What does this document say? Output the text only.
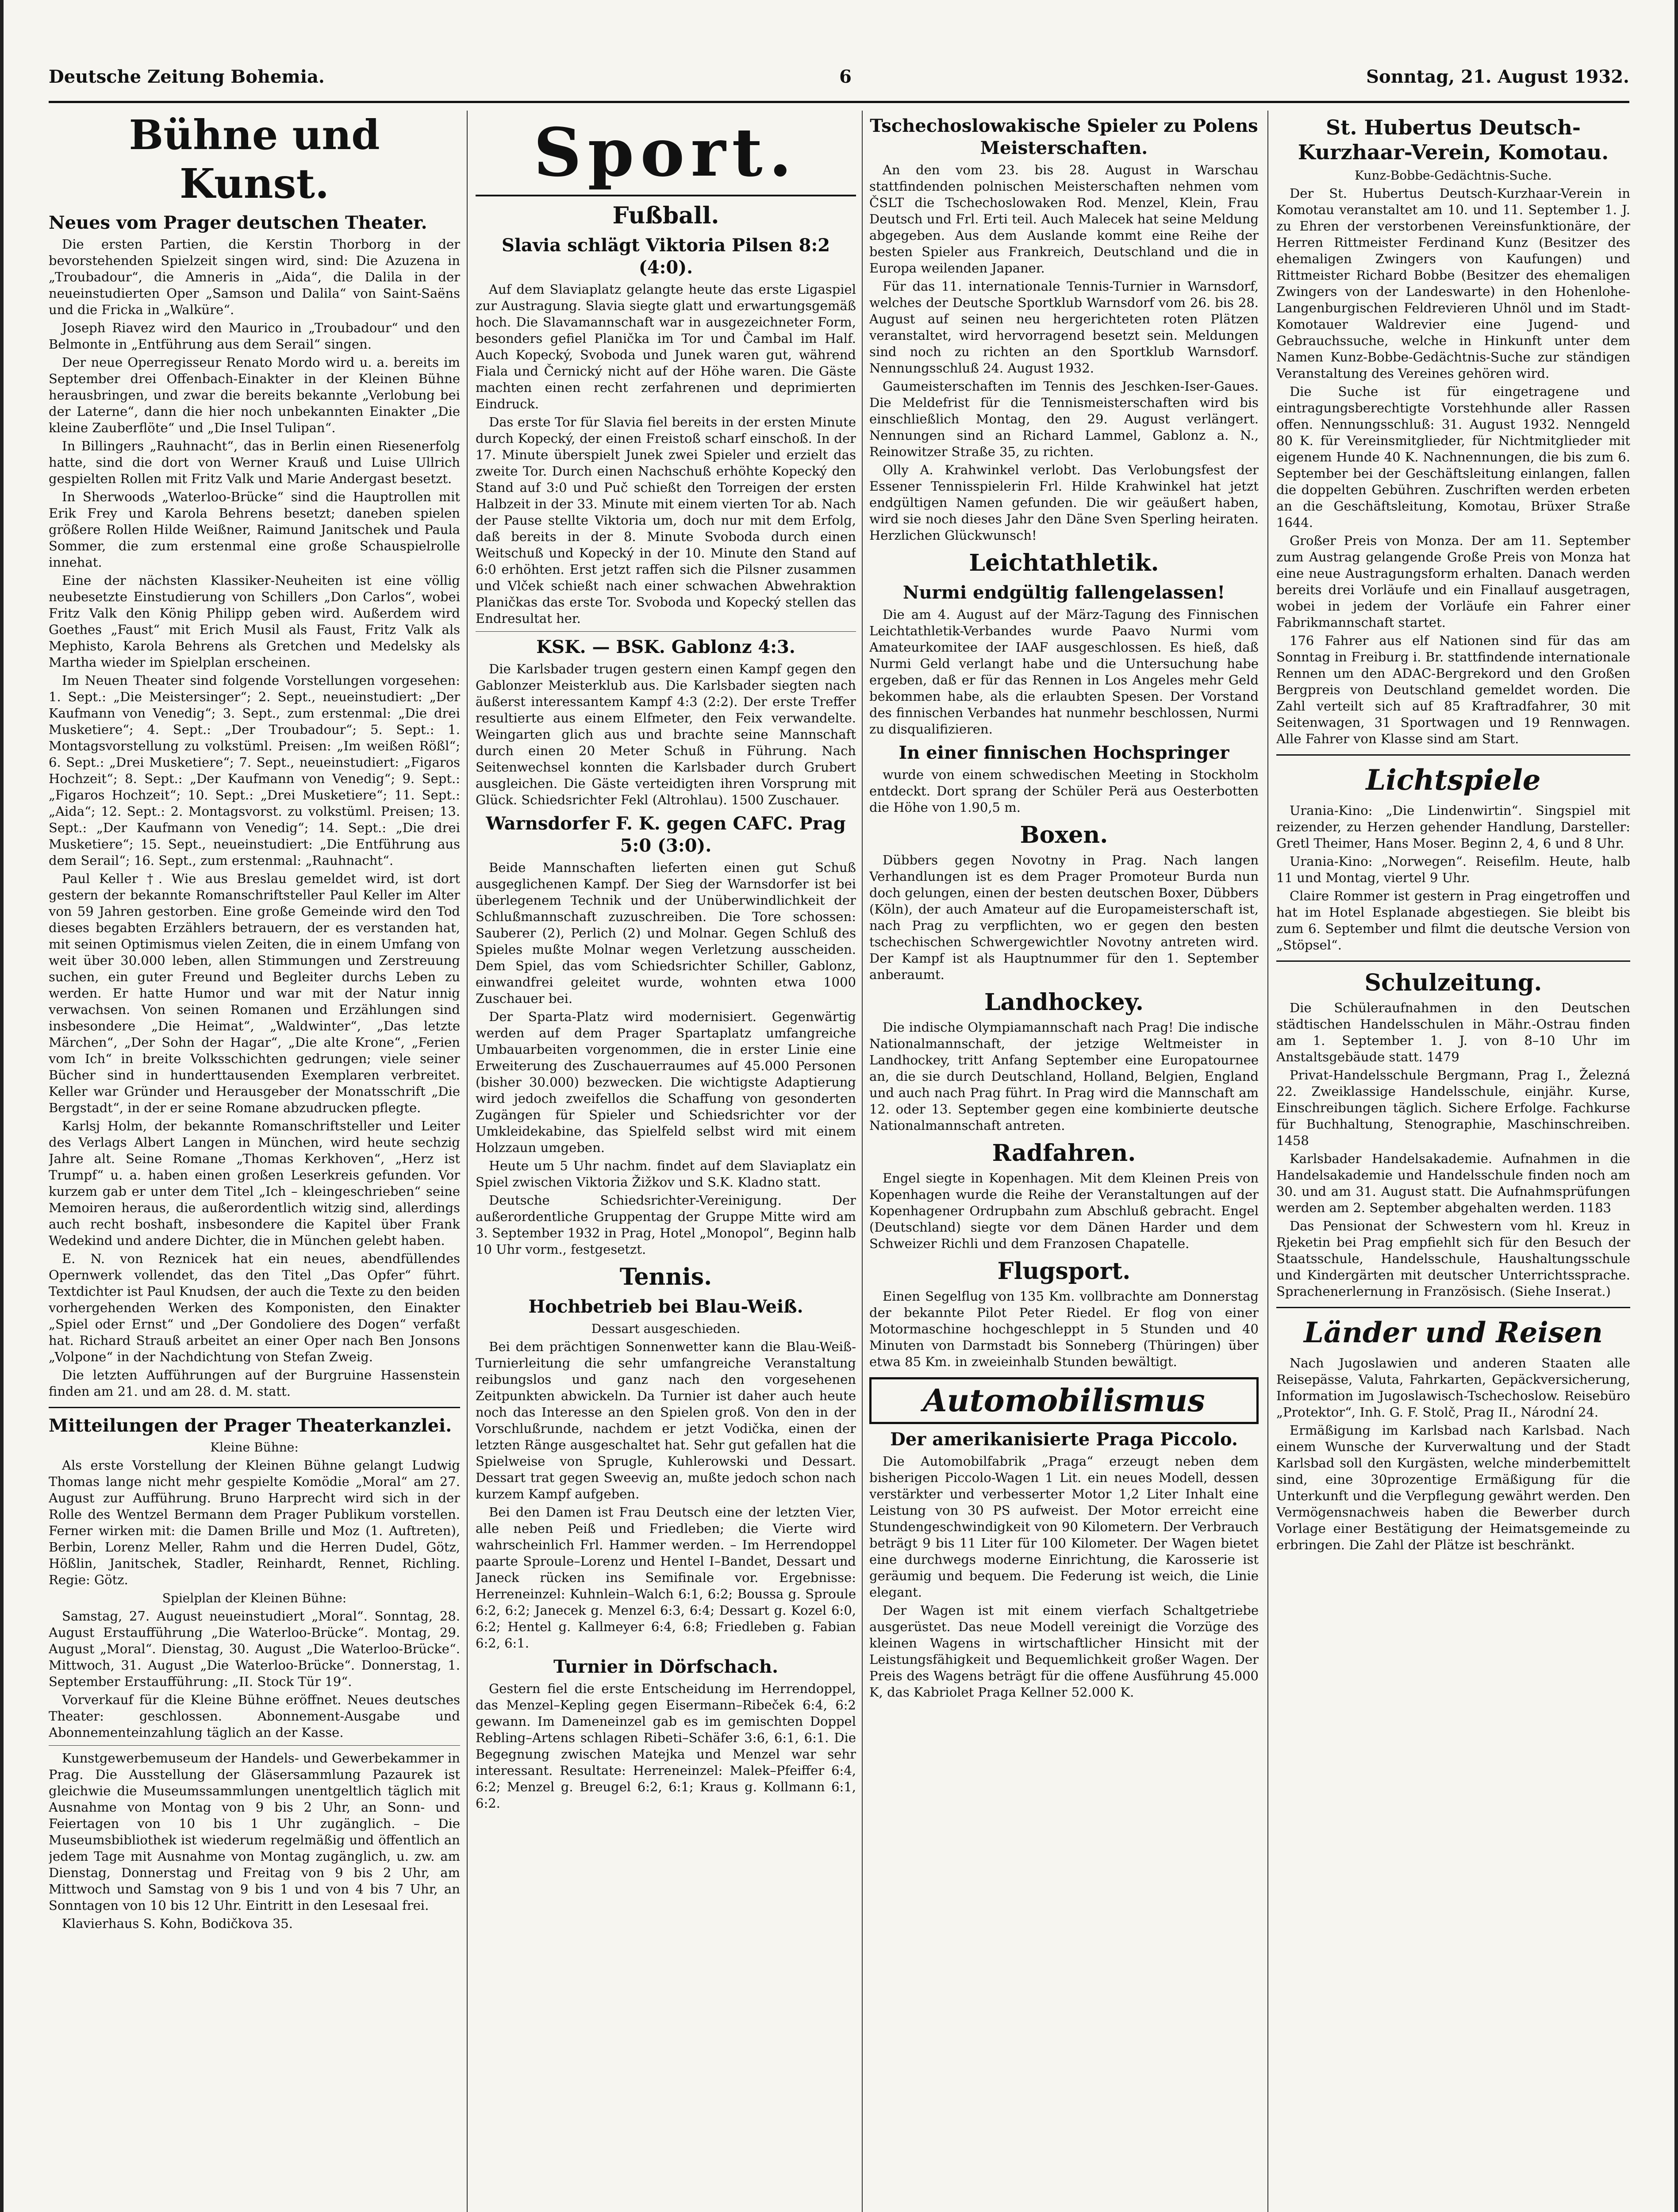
Deutsche Zeitung Bohemia.	6	Sonntag, 21. August 1932.
Bühne und Kunst.
Neues vom Prager deutschen Theater.

Die ersten Partien, die Kerstin Thorborg in der bevorstehenden Spielzeit singen wird, sind: Die Azuzena in „Troubadour“, die Amneris in „Aida“, die Dalila in der neueinstudierten Oper „Samson und Dalila“ von Saint-Saëns und die Fricka in „Walküre“.

Joseph Riavez wird den Maurico in „Troubadour“ und den Belmonte in „Entführung aus dem Serail“ singen.

Der neue Operregisseur Renato Mordo wird u. a. bereits im September drei Offenbach-Einakter in der Kleinen Bühne herausbringen, und zwar die bereits bekannte „Verlobung bei der Laterne“, dann die hier noch unbekannten Einakter „Die kleine Zauberflöte“ und „Die Insel Tulipan“.

In Billingers „Rauhnacht“, das in Berlin einen Riesenerfolg hatte, sind die dort von Werner Krauß und Luise Ullrich gespielten Rollen mit Fritz Valk und Marie Andergast besetzt.

In Sherwoods „Waterloo-Brücke“ sind die Hauptrollen mit Erik Frey und Karola Behrens besetzt; daneben spielen größere Rollen Hilde Weißner, Raimund Janitschek und Paula Sommer, die zum erstenmal eine große Schauspielrolle innehat.

Eine der nächsten Klassiker-Neuheiten ist eine völlig neubesetzte Einstudierung von Schillers „Don Carlos“, wobei Fritz Valk den König Philipp geben wird. Außerdem wird Goethes „Faust“ mit Erich Musil als Faust, Fritz Valk als Mephisto, Karola Behrens als Gretchen und Medelsky als Martha wieder im Spielplan erscheinen.

Im Neuen Theater sind folgende Vorstellungen vorgesehen: 1. Sept.: „Die Meistersinger“; 2. Sept., neueinstudiert: „Der Kaufmann von Venedig“; 3. Sept., zum erstenmal: „Die drei Musketiere“; 4. Sept.: „Der Troubadour“; 5. Sept.: 1. Montagsvorstellung zu volkstüml. Preisen: „Im weißen Rößl“; 6. Sept.: „Drei Musketiere“; 7. Sept., neueinstudiert: „Figaros Hochzeit“; 8. Sept.: „Der Kaufmann von Venedig“; 9. Sept.: „Figaros Hochzeit“; 10. Sept.: „Drei Musketiere“; 11. Sept.: „Aida“; 12. Sept.: 2. Montagsvorst. zu volkstüml. Preisen; 13. Sept.: „Der Kaufmann von Venedig“; 14. Sept.: „Die drei Musketiere“; 15. Sept., neueinstudiert: „Die Entführung aus dem Serail“; 16. Sept., zum erstenmal: „Rauhnacht“.

Paul Keller †. Wie aus Breslau gemeldet wird, ist dort gestern der bekannte Romanschriftsteller Paul Keller im Alter von 59 Jahren gestorben. Eine große Gemeinde wird den Tod dieses begabten Erzählers betrauern, der es verstanden hat, mit seinen Optimismus vielen Zeiten, die in einem Umfang von weit über 30.000 leben, allen Stimmungen und Zerstreuung suchen, ein guter Freund und Begleiter durchs Leben zu werden. Er hatte Humor und war mit der Natur innig verwachsen. Von seinen Romanen und Erzählungen sind insbesondere „Die Heimat“, „Waldwinter“, „Das letzte Märchen“, „Der Sohn der Hagar“, „Die alte Krone“, „Ferien vom Ich“ in breite Volksschichten gedrungen; viele seiner Bücher sind in hunderttausenden Exemplaren verbreitet. Keller war Gründer und Herausgeber der Monatsschrift „Die Bergstadt“, in der er seine Romane abzudrucken pflegte.

Karlsj Holm, der bekannte Romanschriftsteller und Leiter des Verlags Albert Langen in München, wird heute sechzig Jahre alt. Seine Romane „Thomas Kerkhoven“, „Herz ist Trumpf“ u. a. haben einen großen Leserkreis gefunden. Vor kurzem gab er unter dem Titel „Ich – kleingeschrieben“ seine Memoiren heraus, die außerordentlich witzig sind, allerdings auch recht boshaft, insbesondere die Kapitel über Frank Wedekind und andere Dichter, die in München gelebt haben.

E. N. von Reznicek hat ein neues, abendfüllendes Opernwerk vollendet, das den Titel „Das Opfer“ führt. Textdichter ist Paul Knudsen, der auch die Texte zu den beiden vorhergehenden Werken des Komponisten, den Einakter „Spiel oder Ernst“ und „Der Gondoliere des Dogen“ verfaßt hat. Richard Strauß arbeitet an einer Oper nach Ben Jonsons „Volpone“ in der Nachdichtung von Stefan Zweig.

Die letzten Aufführungen auf der Burgruine Hassenstein finden am 21. und am 28. d. M. statt.

Mitteilungen der Prager Theaterkanzlei.
Kleine Bühne:

Als erste Vorstellung der Kleinen Bühne gelangt Ludwig Thomas lange nicht mehr gespielte Komödie „Moral“ am 27. August zur Aufführung. Bruno Harprecht wird sich in der Rolle des Wentzel Bermann dem Prager Publikum vorstellen. Ferner wirken mit: die Damen Brille und Moz (1. Auftreten), Berbin, Lorenz Meller, Rahm und die Herren Dudel, Götz, Hößlin, Janitschek, Stadler, Reinhardt, Rennet, Richling. Regie: Götz.

Spielplan der Kleinen Bühne:

Samstag, 27. August neueinstudiert „Moral“. Sonntag, 28. August Erstaufführung „Die Waterloo-Brücke“. Montag, 29. August „Moral“. Dienstag, 30. August „Die Waterloo-Brücke“. Mittwoch, 31. August „Die Waterloo-Brücke“. Donnerstag, 1. September Erstaufführung: „II. Stock Tür 19“.

Vorverkauf für die Kleine Bühne eröffnet. Neues deutsches Theater: geschlossen. Abonnement-Ausgabe und Abonnementeinzahlung täglich an der Kasse.

Kunstgewerbemuseum der Handels- und Gewerbekammer in Prag. Die Ausstellung der Gläsersammlung Pazaurek ist gleichwie die Museumssammlungen unentgeltlich täglich mit Ausnahme von Montag von 9 bis 2 Uhr, an Sonn- und Feiertagen von 10 bis 1 Uhr zugänglich. – Die Museumsbibliothek ist wiederum regelmäßig und öffentlich an jedem Tage mit Ausnahme von Montag zugänglich, u. zw. am Dienstag, Donnerstag und Freitag von 9 bis 2 Uhr, am Mittwoch und Samstag von 9 bis 1 und von 4 bis 7 Uhr, an Sonntagen von 10 bis 12 Uhr. Eintritt in den Lesesaal frei.

Klavierhaus S. Kohn, Bodičkova 35.

Sport.
Fußball.
Slavia schlägt Viktoria Pilsen 8:2 (4:0).

Auf dem Slaviaplatz gelangte heute das erste Ligaspiel zur Austragung. Slavia siegte glatt und erwartungsgemäß hoch. Die Slavamannschaft war in ausgezeichneter Form, besonders gefiel Planička im Tor und Čambal im Half. Auch Kopecký, Svoboda und Junek waren gut, während Fiala und Černický nicht auf der Höhe waren. Die Gäste machten einen recht zerfahrenen und deprimierten Eindruck.

Das erste Tor für Slavia fiel bereits in der ersten Minute durch Kopecký, der einen Freistoß scharf einschoß. In der 17. Minute überspielt Junek zwei Spieler und erzielt das zweite Tor. Durch einen Nachschuß erhöhte Kopecký den Stand auf 3:0 und Puč schießt den Torreigen der ersten Halbzeit in der 33. Minute mit einem vierten Tor ab. Nach der Pause stellte Viktoria um, doch nur mit dem Erfolg, daß bereits in der 8. Minute Svoboda durch einen Weitschuß und Kopecký in der 10. Minute den Stand auf 6:0 erhöhten. Erst jetzt raffen sich die Pilsner zusammen und Vlček schießt nach einer schwachen Abwehraktion Planičkas das erste Tor. Svoboda und Kopecký stellen das Endresultat her.

KSK. — BSK. Gablonz 4:3.

Die Karlsbader trugen gestern einen Kampf gegen den Gablonzer Meisterklub aus. Die Karlsbader siegten nach äußerst interessantem Kampf 4:3 (2:2). Der erste Treffer resultierte aus einem Elfmeter, den Feix verwandelte. Weingarten glich aus und brachte seine Mannschaft durch einen 20 Meter Schuß in Führung. Nach Seitenwechsel konnten die Karlsbader durch Grubert ausgleichen. Die Gäste verteidigten ihren Vorsprung mit Glück. Schiedsrichter Fekl (Altrohlau). 1500 Zuschauer.

Warnsdorfer F. K. gegen CAFC. Prag 5:0 (3:0).

Beide Mannschaften lieferten einen gut Schuß ausgeglichenen Kampf. Der Sieg der Warnsdorfer ist bei überlegenem Technik und der Unüberwindlichkeit der Schlußmannschaft zuzuschreiben. Die Tore schossen: Sauberer (2), Perlich (2) und Molnar. Gegen Schluß des Spieles mußte Molnar wegen Verletzung ausscheiden. Dem Spiel, das vom Schiedsrichter Schiller, Gablonz, einwandfrei geleitet wurde, wohnten etwa 1000 Zuschauer bei.

Der Sparta-Platz wird modernisiert. Gegenwärtig werden auf dem Prager Spartaplatz umfangreiche Umbauarbeiten vorgenommen, die in erster Linie eine Erweiterung des Zuschauerraumes auf 45.000 Personen (bisher 30.000) bezwecken. Die wichtigste Adaptierung wird jedoch zweifellos die Schaffung von gesonderten Zugängen für Spieler und Schiedsrichter vor der Umkleidekabine, das Spielfeld selbst wird mit einem Holzzaun umgeben.

Heute um 5 Uhr nachm. findet auf dem Slaviaplatz ein Spiel zwischen Viktoria Žižkov und S.K. Kladno statt.

Deutsche Schiedsrichter-Vereinigung. Der außerordentliche Gruppentag der Gruppe Mitte wird am 3. September 1932 in Prag, Hotel „Monopol“, Beginn halb 10 Uhr vorm., festgesetzt.

Tennis.
Hochbetrieb bei Blau-Weiß.
Dessart ausgeschieden.

Bei dem prächtigen Sonnenwetter kann die Blau-Weiß-Turnierleitung die sehr umfangreiche Veranstaltung reibungslos und ganz nach den vorgesehenen Zeitpunkten abwickeln. Da Turnier ist daher auch heute noch das Interesse an den Spielen groß. Von den in der Vorschlußrunde, nachdem er jetzt Vodička, einen der letzten Ränge ausgeschaltet hat. Sehr gut gefallen hat die Spielweise von Sprugle, Kuhlerowski und Dessart. Dessart trat gegen Sweevig an, mußte jedoch schon nach kurzem Kampf aufgeben.

Bei den Damen ist Frau Deutsch eine der letzten Vier, alle neben Peiß und Friedleben; die Vierte wird wahrscheinlich Frl. Hammer werden. – Im Herrendoppel paarte Sproule–Lorenz und Hentel I–Bandet, Dessart und Janeck rücken ins Semifinale vor. Ergebnisse: Herreneinzel: Kuhnlein–Walch 6:1, 6:2; Boussa g. Sproule 6:2, 6:2; Janecek g. Menzel 6:3, 6:4; Dessart g. Kozel 6:0, 6:2; Hentel g. Kallmeyer 6:4, 6:8; Friedleben g. Fabian 6:2, 6:1.

Turnier in Dörfschach.

Gestern fiel die erste Entscheidung im Herrendoppel, das Menzel–Kepling gegen Eisermann–Ribeček 6:4, 6:2 gewann. Im Dameneinzel gab es im gemischten Doppel Rebling–Artens schlagen Ribeti–Schäfer 3:6, 6:1, 6:1. Die Begegnung zwischen Matejka und Menzel war sehr interessant. Resultate: Herreneinzel: Malek–Pfeiffer 6:4, 6:2; Menzel g. Breugel 6:2, 6:1; Kraus g. Kollmann 6:1, 6:2.

Tschechoslowakische Spieler zu Polens Meisterschaften.

An den vom 23. bis 28. August in Warschau stattfindenden polnischen Meisterschaften nehmen vom ČSLT die Tschechoslowaken Rod. Menzel, Klein, Frau Deutsch und Frl. Erti teil. Auch Malecek hat seine Meldung abgegeben. Aus dem Auslande kommt eine Reihe der besten Spieler aus Frankreich, Deutschland und die in Europa weilenden Japaner.

Für das 11. internationale Tennis-Turnier in Warnsdorf, welches der Deutsche Sportklub Warnsdorf vom 26. bis 28. August auf seinen neu hergerichteten roten Plätzen veranstaltet, wird hervorragend besetzt sein. Meldungen sind noch zu richten an den Sportklub Warnsdorf. Nennungsschluß 24. August 1932.

Gaumeisterschaften im Tennis des Jeschken-Iser-Gaues. Die Meldefrist für die Tennismeisterschaften wird bis einschließlich Montag, den 29. August verlängert. Nennungen sind an Richard Lammel, Gablonz a. N., Reinowitzer Straße 35, zu richten.

Olly A. Krahwinkel verlobt. Das Verlobungsfest der Essener Tennisspielerin Frl. Hilde Krahwinkel hat jetzt endgültigen Namen gefunden. Die wir geäußert haben, wird sie noch dieses Jahr den Däne Sven Sperling heiraten. Herzlichen Glückwunsch!

Leichtathletik.
Nurmi endgültig fallengelassen!

Die am 4. August auf der März-Tagung des Finnischen Leichtathletik-Verbandes wurde Paavo Nurmi vom Amateurkomitee der IAAF ausgeschlossen. Es hieß, daß Nurmi Geld verlangt habe und die Untersuchung habe ergeben, daß er für das Rennen in Los Angeles mehr Geld bekommen habe, als die erlaubten Spesen. Der Vorstand des finnischen Verbandes hat nunmehr beschlossen, Nurmi zu disqualifizieren.

In einer finnischen Hochspringer

wurde von einem schwedischen Meeting in Stockholm entdeckt. Dort sprang der Schüler Perä aus Oesterbotten die Höhe von 1.90,5 m.

Boxen.

Dübbers gegen Novotny in Prag. Nach langen Verhandlungen ist es dem Prager Promoteur Burda nun doch gelungen, einen der besten deutschen Boxer, Dübbers (Köln), der auch Amateur auf die Europameisterschaft ist, nach Prag zu verpflichten, wo er gegen den besten tschechischen Schwergewichtler Novotny antreten wird. Der Kampf ist als Hauptnummer für den 1. September anberaumt.

Landhockey.

Die indische Olympiamannschaft nach Prag! Die indische Nationalmannschaft, der jetzige Weltmeister in Landhockey, tritt Anfang September eine Europatournee an, die sie durch Deutschland, Holland, Belgien, England und auch nach Prag führt. In Prag wird die Mannschaft am 12. oder 13. September gegen eine kombinierte deutsche Nationalmannschaft antreten.

Radfahren.

Engel siegte in Kopenhagen. Mit dem Kleinen Preis von Kopenhagen wurde die Reihe der Veranstaltungen auf der Kopenhagener Ordrupbahn zum Abschluß gebracht. Engel (Deutschland) siegte vor dem Dänen Harder und dem Schweizer Richli und dem Franzosen Chapatelle.

Flugsport.

Einen Segelflug von 135 Km. vollbrachte am Donnerstag der bekannte Pilot Peter Riedel. Er flog von einer Motormaschine hochgeschleppt in 5 Stunden und 40 Minuten von Darmstadt bis Sonneberg (Thüringen) über etwa 85 Km. in zweieinhalb Stunden bewältigt.

Automobilismus
Der amerikanisierte Praga Piccolo.

Die Automobilfabrik „Praga“ erzeugt neben dem bisherigen Piccolo-Wagen 1 Lit. ein neues Modell, dessen verstärkter und verbesserter Motor 1,2 Liter Inhalt eine Leistung von 30 PS aufweist. Der Motor erreicht eine Stundengeschwindigkeit von 90 Kilometern. Der Verbrauch beträgt 9 bis 11 Liter für 100 Kilometer. Der Wagen bietet eine durchwegs moderne Einrichtung, die Karosserie ist geräumig und bequem. Die Federung ist weich, die Linie elegant.

Der Wagen ist mit einem vierfach Schaltgetriebe ausgerüstet. Das neue Modell vereinigt die Vorzüge des kleinen Wagens in wirtschaftlicher Hinsicht mit der Leistungsfähigkeit und Bequemlichkeit großer Wagen. Der Preis des Wagens beträgt für die offene Ausführung 45.000 K, das Kabriolet Praga Kellner 52.000 K.

St. Hubertus Deutsch-Kurzhaar-Verein, Komotau.
Kunz-Bobbe-Gedächtnis-Suche.

Der St. Hubertus Deutsch-Kurzhaar-Verein in Komotau veranstaltet am 10. und 11. September 1. J. zu Ehren der verstorbenen Vereinsfunktionäre, der Herren Rittmeister Ferdinand Kunz (Besitzer des ehemaligen Zwingers von Kaufungen) und Rittmeister Richard Bobbe (Besitzer des ehemaligen Zwingers von der Landeswarte) in den Hohenlohe-Langenburgischen Feldrevieren Uhnöl und im Stadt-Komotauer Waldrevier eine Jugend- und Gebrauchssuche, welche in Hinkunft unter dem Namen Kunz-Bobbe-Gedächtnis-Suche zur ständigen Veranstaltung des Vereines gehören wird.

Die Suche ist für eingetragene und eintragungsberechtigte Vorstehhunde aller Rassen offen. Nennungsschluß: 31. August 1932. Nenngeld 80 K. für Vereinsmitglieder, für Nichtmitglieder mit eigenem Hunde 40 K. Nachnennungen, die bis zum 6. September bei der Geschäftsleitung einlangen, fallen die doppelten Gebühren. Zuschriften werden erbeten an die Geschäftsleitung, Komotau, Brüxer Straße 1644.

Großer Preis von Monza. Der am 11. September zum Austrag gelangende Große Preis von Monza hat eine neue Austragungsform erhalten. Danach werden bereits drei Vorläufe und ein Finallauf ausgetragen, wobei in jedem der Vorläufe ein Fahrer einer Fabrikmannschaft startet.

176 Fahrer aus elf Nationen sind für das am Sonntag in Freiburg i. Br. stattfindende internationale Rennen um den ADAC-Bergrekord und den Großen Bergpreis von Deutschland gemeldet worden. Die Zahl verteilt sich auf 85 Kraftradfahrer, 30 mit Seitenwagen, 31 Sportwagen und 19 Rennwagen. Alle Fahrer von Klasse sind am Start.

Lichtspiele

Urania-Kino: „Die Lindenwirtin“. Singspiel mit reizender, zu Herzen gehender Handlung, Darsteller: Gretl Theimer, Hans Moser. Beginn 2, 4, 6 und 8 Uhr.

Urania-Kino: „Norwegen“. Reisefilm. Heute, halb 11 und Montag, viertel 9 Uhr.

Claire Rommer ist gestern in Prag eingetroffen und hat im Hotel Esplanade abgestiegen. Sie bleibt bis zum 6. September und filmt die deutsche Version von „Stöpsel“.

Schulzeitung.

Die Schüleraufnahmen in den Deutschen städtischen Handelsschulen in Mähr.-Ostrau finden am 1. September 1. J. von 8–10 Uhr im Anstaltsgebäude statt. 1479

Privat-Handelsschule Bergmann, Prag I., Železná 22. Zweiklassige Handelsschule, einjähr. Kurse, Einschreibungen täglich. Sichere Erfolge. Fachkurse für Buchhaltung, Stenographie, Maschinschreiben. 1458

Karlsbader Handelsakademie. Aufnahmen in die Handelsakademie und Handelsschule finden noch am 30. und am 31. August statt. Die Aufnahmsprüfungen werden am 2. September abgehalten werden. 1183

Das Pensionat der Schwestern vom hl. Kreuz in Rjeketin bei Prag empfiehlt sich für den Besuch der Staatsschule, Handelsschule, Haushaltungsschule und Kindergärten mit deutscher Unterrichtssprache. Sprachenerlernung in Französisch. (Siehe Inserat.)

Länder und Reisen

Nach Jugoslawien und anderen Staaten alle Reisepässe, Valuta, Fahrkarten, Gepäckversicherung, Information im Jugoslawisch-Tschechoslow. Reisebüro „Protektor“, Inh. G. F. Stolč, Prag II., Národní 24.

Ermäßigung im Karlsbad nach Karlsbad. Nach einem Wunsche der Kurverwaltung und der Stadt Karlsbad soll den Kurgästen, welche minderbemittelt sind, eine 30prozentige Ermäßigung für die Unterkunft und die Verpflegung gewährt werden. Den Vermögensnachweis haben die Bewerber durch Vorlage einer Bestätigung der Heimatsgemeinde zu erbringen. Die Zahl der Plätze ist beschränkt.
